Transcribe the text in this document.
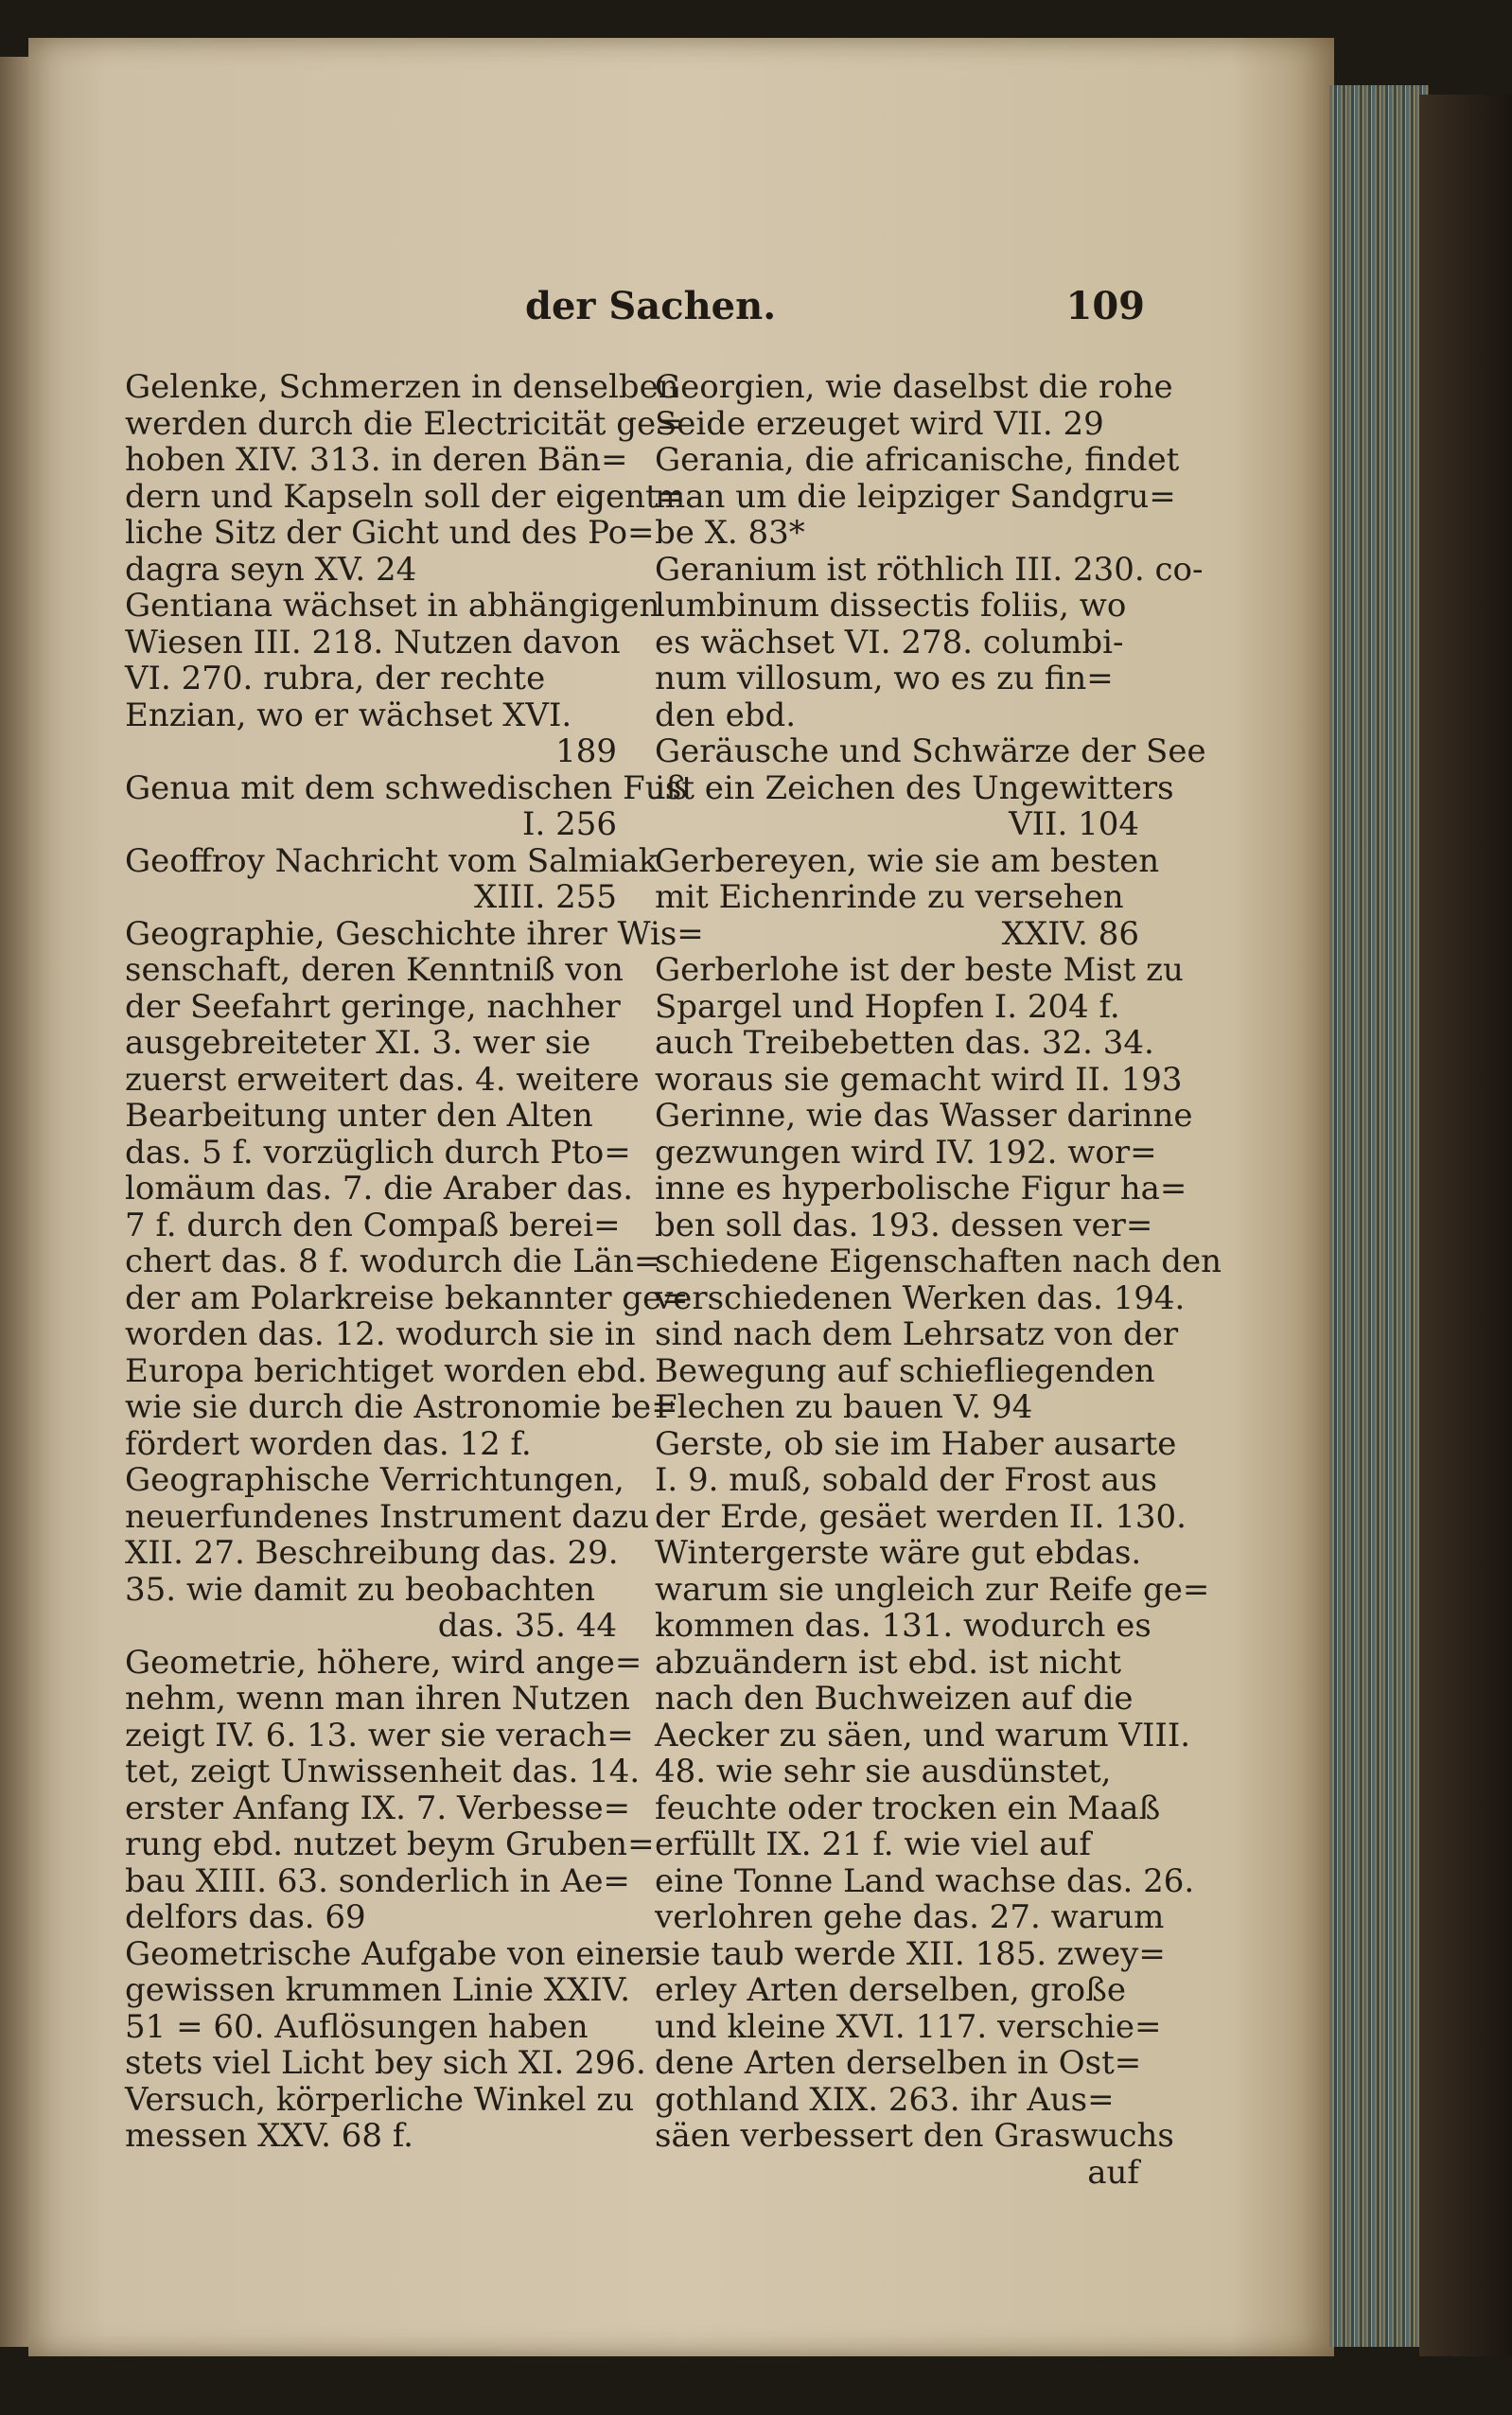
der Sachen.	109
Gelenke, Schmerzen in denselben
werden durch die Electricität ge=
hoben XIV. 313. in deren Bän=
dern und Kapseln soll der eigent=
liche Sitz der Gicht und des Po=
dagra seyn XV. 24
Gentiana wächset in abhängigen
Wiesen III. 218. Nutzen davon
VI. 270. rubra, der rechte
Enzian, wo er wächset XVI.
189
Genua mit dem schwedischen Fuß
I. 256
Geoffroy Nachricht vom Salmiak
XIII. 255
Geographie, Geschichte ihrer Wis=
senschaft, deren Kenntniß von
der Seefahrt geringe, nachher
ausgebreiteter XI. 3. wer sie
zuerst erweitert das. 4. weitere
Bearbeitung unter den Alten
das. 5 f. vorzüglich durch Pto=
lomäum das. 7. die Araber das.
7 f. durch den Compaß berei=
chert das. 8 f. wodurch die Län=
der am Polarkreise bekannter ge=
worden das. 12. wodurch sie in
Europa berichtiget worden ebd.
wie sie durch die Astronomie be=
fördert worden das. 12 f.
Geographische Verrichtungen,
neuerfundenes Instrument dazu
XII. 27. Beschreibung das. 29.
35. wie damit zu beobachten
das. 35. 44
Geometrie, höhere, wird ange=
nehm, wenn man ihren Nutzen
zeigt IV. 6. 13. wer sie verach=
tet, zeigt Unwissenheit das. 14.
erster Anfang IX. 7. Verbesse=
rung ebd. nutzet beym Gruben=
bau XIII. 63. sonderlich in Ae=
delfors das. 69
Geometrische Aufgabe von einer
gewissen krummen Linie XXIV.
51 = 60. Auflösungen haben
stets viel Licht bey sich XI. 296.
Versuch, körperliche Winkel zu
messen XXV. 68 f.
Georgien, wie daselbst die rohe
Seide erzeuget wird VII. 29
Gerania, die africanische, findet
man um die leipziger Sandgru=
be X. 83*
Geranium ist röthlich III. 230. co-
lumbinum dissectis foliis, wo
es wächset VI. 278. columbi-
num villosum, wo es zu fin=
den ebd.
Geräusche und Schwärze der See
ist ein Zeichen des Ungewitters
VII. 104
Gerbereyen, wie sie am besten
mit Eichenrinde zu versehen
XXIV. 86
Gerberlohe ist der beste Mist zu
Spargel und Hopfen I. 204 f.
auch Treibebetten das. 32. 34.
woraus sie gemacht wird II. 193
Gerinne, wie das Wasser darinne
gezwungen wird IV. 192. wor=
inne es hyperbolische Figur ha=
ben soll das. 193. dessen ver=
schiedene Eigenschaften nach den
verschiedenen Werken das. 194.
sind nach dem Lehrsatz von der
Bewegung auf schiefliegenden
Flechen zu bauen V. 94
Gerste, ob sie im Haber ausarte
I. 9. muß, sobald der Frost aus
der Erde, gesäet werden II. 130.
Wintergerste wäre gut ebdas.
warum sie ungleich zur Reife ge=
kommen das. 131. wodurch es
abzuändern ist ebd. ist nicht
nach den Buchweizen auf die
Aecker zu säen, und warum VIII.
48. wie sehr sie ausdünstet,
feuchte oder trocken ein Maaß
erfüllt IX. 21 f. wie viel auf
eine Tonne Land wachse das. 26.
verlohren gehe das. 27. warum
sie taub werde XII. 185. zwey=
erley Arten derselben, große
und kleine XVI. 117. verschie=
dene Arten derselben in Ost=
gothland XIX. 263. ihr Aus=
säen verbessert den Graswuchs
auf
